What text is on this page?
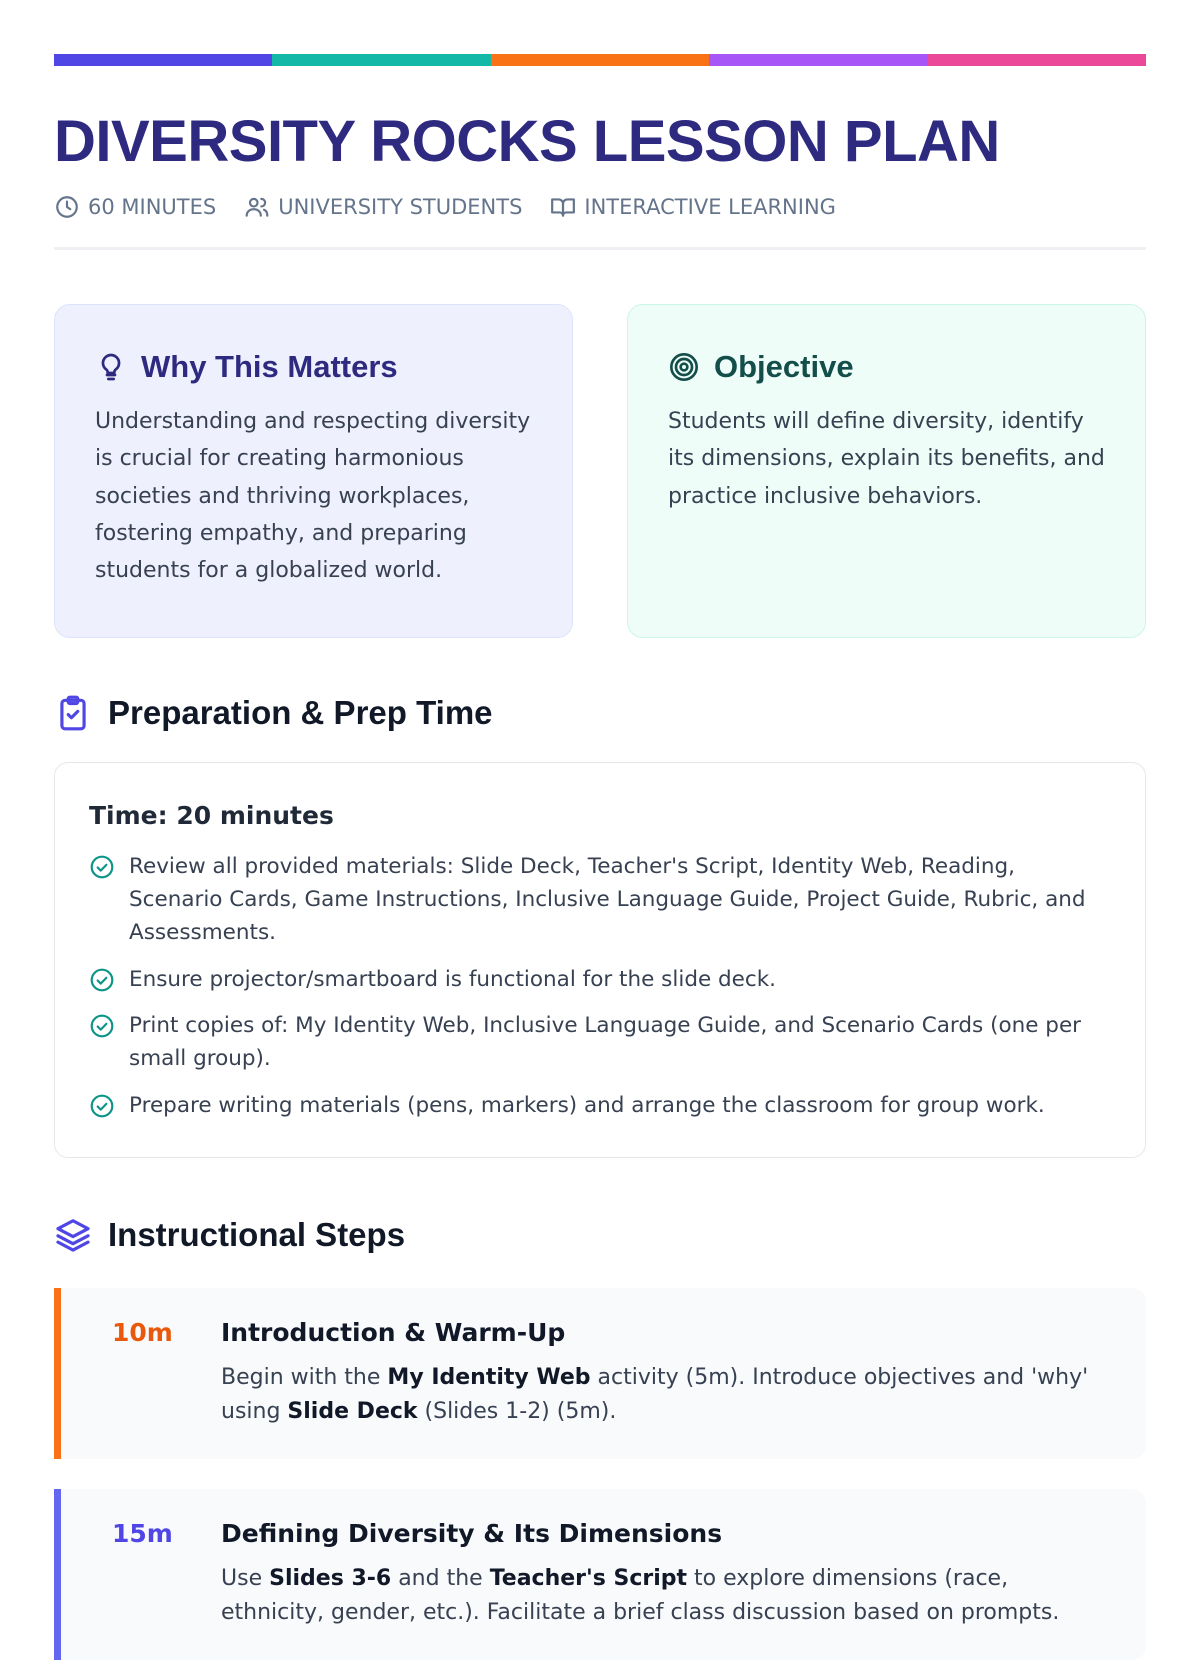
DIVERSITY ROCKS LESSON PLAN
60 MINUTES	UNIVERSITY STUDENTS	INTERACTIVE LEARNING
Why This Matters

Understanding and respecting diversity is crucial for creating harmonious societies and thriving workplaces, fostering empathy, and preparing students for a globalized world.

Objective

Students will define diversity, identify its dimensions, explain its benefits, and practice inclusive behaviors.

Preparation & Prep Time
Time: 20 minutes
Review all provided materials: Slide Deck, Teacher's Script, Identity Web, Reading, Scenario Cards, Game Instructions, Inclusive Language Guide, Project Guide, Rubric, and Assessments.
Ensure projector/smartboard is functional for the slide deck.
Print copies of: My Identity Web, Inclusive Language Guide, and Scenario Cards (one per small group).
Prepare writing materials (pens, markers) and arrange the classroom for group work.
Instructional Steps
10m	Introduction & Warm-Up

Begin with the My Identity Web activity (5m). Introduce objectives and 'why' using Slide Deck (Slides 1-2) (5m).

15m	Defining Diversity & Its Dimensions

Use Slides 3-6 and the Teacher's Script to explore dimensions (race, ethnicity, gender, etc.). Facilitate a brief class discussion based on prompts.
